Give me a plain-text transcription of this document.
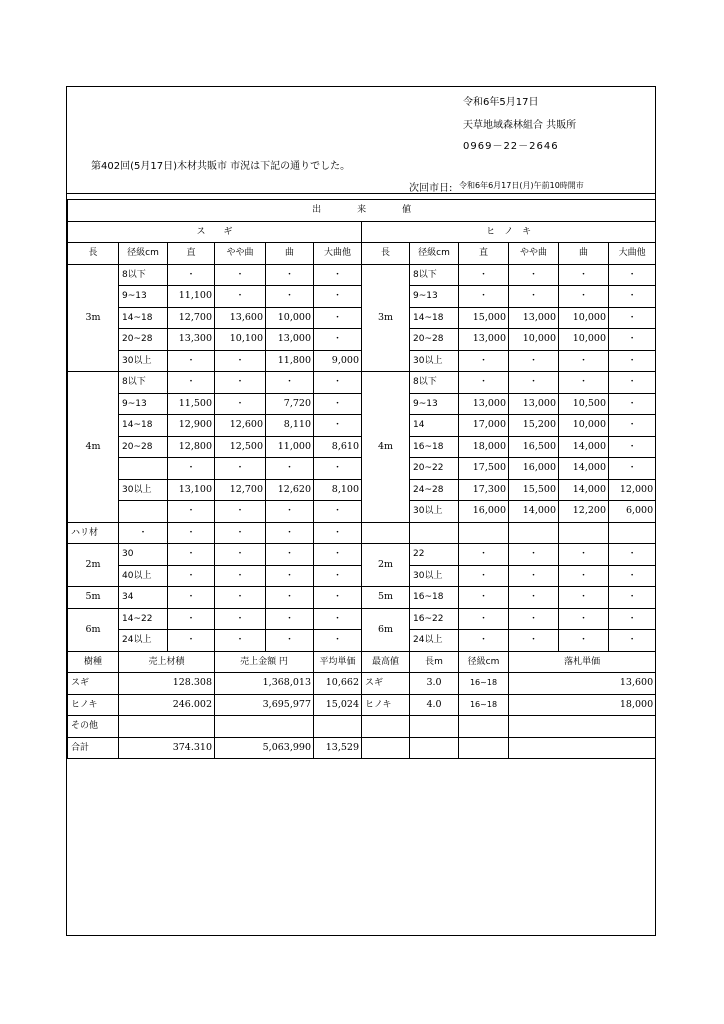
令和6年5月17日
天草地域森林組合 共販所
0969－22－2646
第402回(5月17日)木材共販市 市況は下記の通りでした。
次回市日: 令和6年6月17日(月)午前10時開市
出　　　　来　　　　値											
ス　　ギ						ヒ　ノ　キ					
長	径級cm	直	やや曲	曲	大曲他	長	径級cm	直	やや曲	曲	大曲他
3m	8以下	･	･	･	･	3m	8以下	･	･	･	･
	9~13	11,100	･	･	･		9~13	･	･	･	･
	14~18	12,700	13,600	10,000	･		14~18	15,000	13,000	10,000	･
	20~28	13,300	10,100	13,000	･		20~28	13,000	10,000	10,000	･
	30以上	･	･	11,800	9,000		30以上	･	･	･	･
4m	8以下	･	･	･	･	4m	8以下	･	･	･	･
	9~13	11,500	･	7,720	･		9~13	13,000	13,000	10,500	･
	14~18	12,900	12,600	8,110	･		14	17,000	15,200	10,000	･
	20~28	12,800	12,500	11,000	8,610		16~18	18,000	16,500	14,000	･
		･	･	･	･		20~22	17,500	16,000	14,000	･
	30以上	13,100	12,700	12,620	8,100		24~28	17,300	15,500	14,000	12,000
		･	･	･	･		30以上	16,000	14,000	12,200	6,000
ハリ材	･	･	･	･	･						
2m	30	･	･	･	･	2m	22	･	･	･	･
	40以上	･	･	･	･		30以上	･	･	･	･
5m	34	･	･	･	･	5m	16~18	･	･	･	･
6m	14~22	･	･	･	･	6m	16~22	･	･	･	･
	24以上	･	･	･	･		24以上	･	･	･	･
樹種	売上材積		売上金額 円		平均単価	最高値	長m	径級cm	落札単価		
スギ	128.308		1,368,013		10,662	スギ	3.0	16~18	13,600		
ヒノキ	246.002		3,695,977		15,024	ヒノキ	4.0	16~18	18,000		
その他											
合計	374.310		5,063,990		13,529						
